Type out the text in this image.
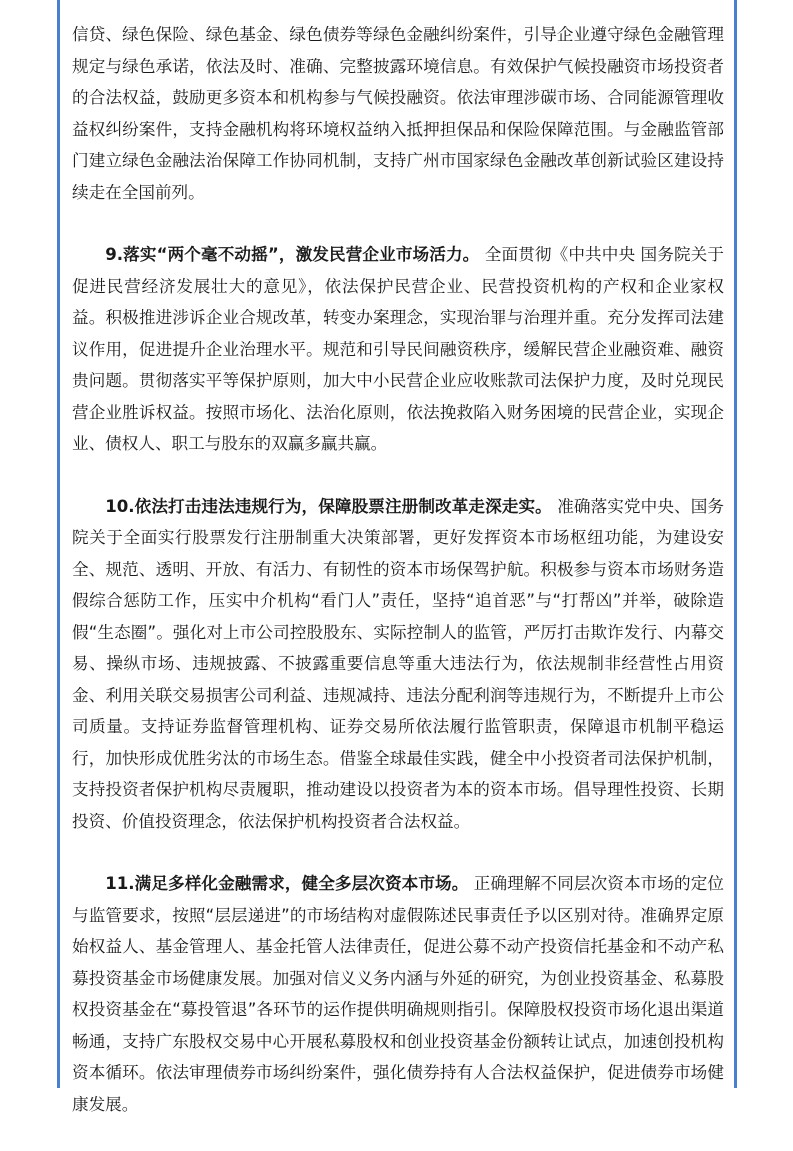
信贷、绿色保险、绿色基金、绿色债券等绿色金融纠纷案件，引导企业遵守绿色金融管理规定与绿色承诺，依法及时、准确、完整披露环境信息。有效保护气候投融资市场投资者的合法权益，鼓励更多资本和机构参与气候投融资。依法审理涉碳市场、合同能源管理收益权纠纷案件，支持金融机构将环境权益纳入抵押担保品和保险保障范围。与金融监管部门建立绿色金融法治保障工作协同机制，支持广州市国家绿色金融改革创新试验区建设持续走在全国前列。

9.落实“两个毫不动摇”，激发民营企业市场活力。 全面贯彻《中共中央 国务院关于促进民营经济发展壮大的意见》，依法保护民营企业、民营投资机构的产权和企业家权益。积极推进涉诉企业合规改革，转变办案理念，实现治罪与治理并重。充分发挥司法建议作用，促进提升企业治理水平。规范和引导民间融资秩序，缓解民营企业融资难、融资贵问题。贯彻落实平等保护原则，加大中小民营企业应收账款司法保护力度，及时兑现民营企业胜诉权益。按照市场化、法治化原则，依法挽救陷入财务困境的民营企业，实现企业、债权人、职工与股东的双赢多赢共赢。

10.依法打击违法违规行为，保障股票注册制改革走深走实。 准确落实党中央、国务院关于全面实行股票发行注册制重大决策部署，更好发挥资本市场枢纽功能，为建设安全、规范、透明、开放、有活力、有韧性的资本市场保驾护航。积极参与资本市场财务造假综合惩防工作，压实中介机构“看门人”责任，坚持“追首恶”与“打帮凶”并举，破除造假“生态圈”。强化对上市公司控股股东、实际控制人的监管，严厉打击欺诈发行、内幕交易、操纵市场、违规披露、不披露重要信息等重大违法行为，依法规制非经营性占用资金、利用关联交易损害公司利益、违规减持、违法分配利润等违规行为，不断提升上市公司质量。支持证券监督管理机构、证券交易所依法履行监管职责，保障退市机制平稳运行，加快形成优胜劣汰的市场生态。借鉴全球最佳实践，健全中小投资者司法保护机制，支持投资者保护机构尽责履职，推动建设以投资者为本的资本市场。倡导理性投资、长期投资、价值投资理念，依法保护机构投资者合法权益。

11.满足多样化金融需求，健全多层次资本市场。 正确理解不同层次资本市场的定位与监管要求，按照“层层递进”的市场结构对虚假陈述民事责任予以区别对待。准确界定原始权益人、基金管理人、基金托管人法律责任，促进公募不动产投资信托基金和不动产私募投资基金市场健康发展。加强对信义义务内涵与外延的研究，为创业投资基金、私募股权投资基金在“募投管退”各环节的运作提供明确规则指引。保障股权投资市场化退出渠道畅通，支持广东股权交易中心开展私募股权和创业投资基金份额转让试点，加速创投机构资本循环。依法审理债券市场纠纷案件，强化债券持有人合法权益保护，促进债券市场健康发展。
